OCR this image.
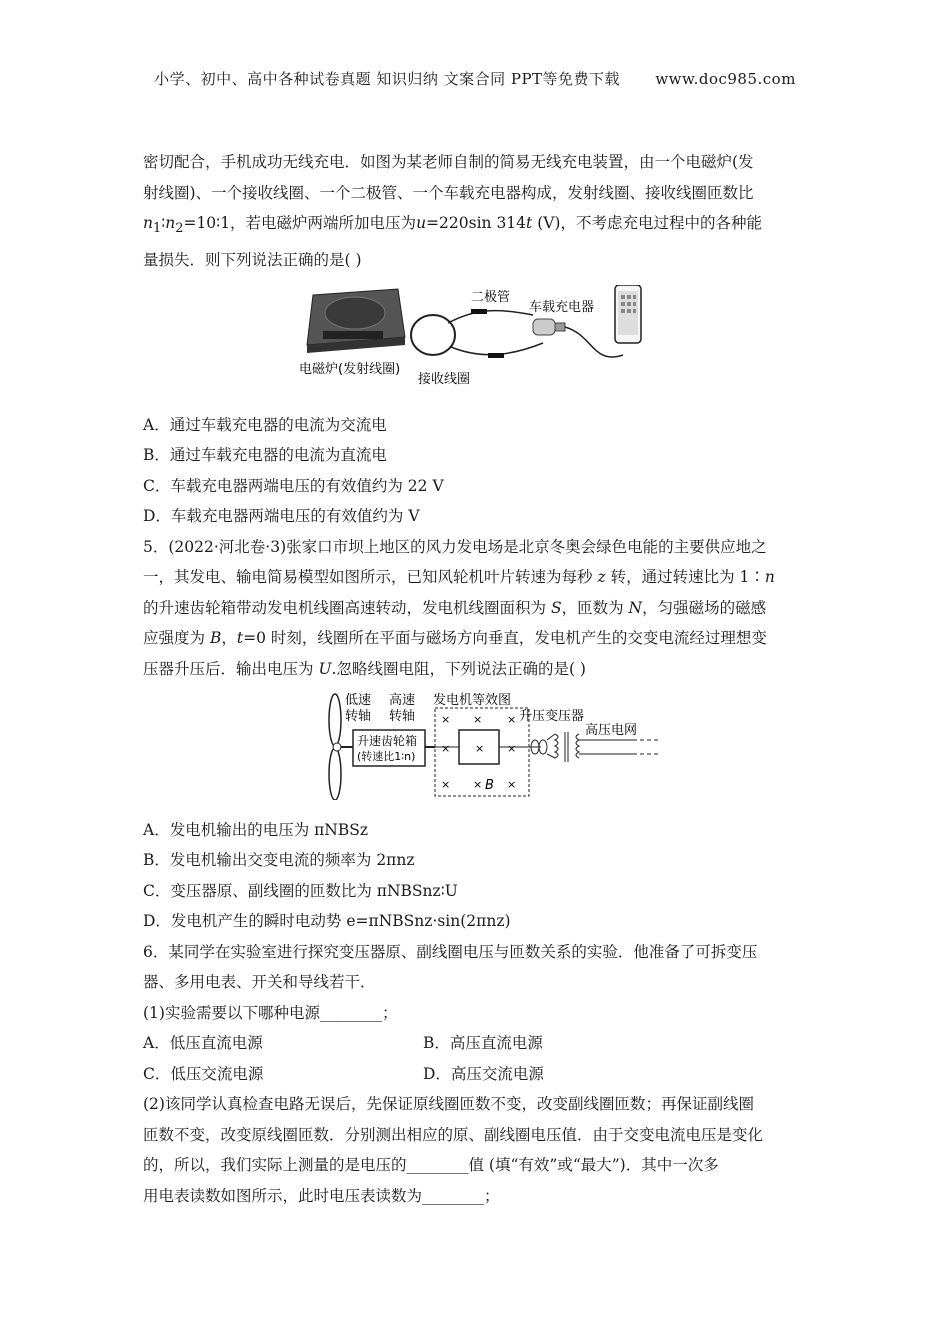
小学、初中、高中各种试卷真题 知识归纳 文案合同 PPT等免费下载 www.doc985.com

密切配合，手机成功无线充电．如图为某老师自制的简易无线充电装置，由一个电磁炉(发

射线圈)、一个接收线圈、一个二极管、一个车载充电器构成，发射线圈、接收线圈匝数比

$n_1∶n_2=10∶1$，若电磁炉两端所加电压为u=220sin 314t (V)，不考虑充电过程中的各种能

量损失．则下列说法正确的是( )

二极管
车载充电器
电磁炉(发射线圈)
接收线圈

A．通过车载充电器的电流为交流电

B．通过车载充电器的电流为直流电

C．车载充电器两端电压的有效值约为 22 V

D．车载充电器两端电压的有效值约为 V

5．(2022·河北卷·3)张家口市坝上地区的风力发电场是北京冬奥会绿色电能的主要供应地之

一，其发电、输电简易模型如图所示，已知风轮机叶片转速为每秒 z 转，通过转速比为 1∶n

的升速齿轮箱带动发电机线圈高速转动，发电机线圈面积为 S，匝数为 N，匀强磁场的磁感

应强度为 B，t=0 时刻，线圈所在平面与磁场方向垂直，发电机产生的交变电流经过理想变

压器升压后．输出电压为 U.忽略线圈电阻，下列说法正确的是( )

升速齿轮箱
(转速比1∶n)
低速
转轴
高速
转轴
发电机等效图
× × ×
× × ×
× × ×
B
升压变压器
高压电网

A．发电机输出的电压为 πNBSz

B．发电机输出交变电流的频率为 2πnz

C．变压器原、副线圈的匝数比为 πNBSnz∶U

D．发电机产生的瞬时电动势 e=πNBSnz·sin(2πnz)

6．某同学在实验室进行探究变压器原、副线圈电压与匝数关系的实验．他准备了可拆变压

器、多用电表、开关和导线若干．

(1)实验需要以下哪种电源________；

A．低压直流电源	B．高压直流电源
C．低压交流电源	D．高压交流电源

(2)该同学认真检查电路无误后，先保证原线圈匝数不变，改变副线圈匝数；再保证副线圈

匝数不变，改变原线圈匝数．分别测出相应的原、副线圈电压值．由于交变电流电压是变化

的，所以，我们实际上测量的是电压的________值 (填“有效”或“最大”)．其中一次多

用电表读数如图所示，此时电压表读数为________；
